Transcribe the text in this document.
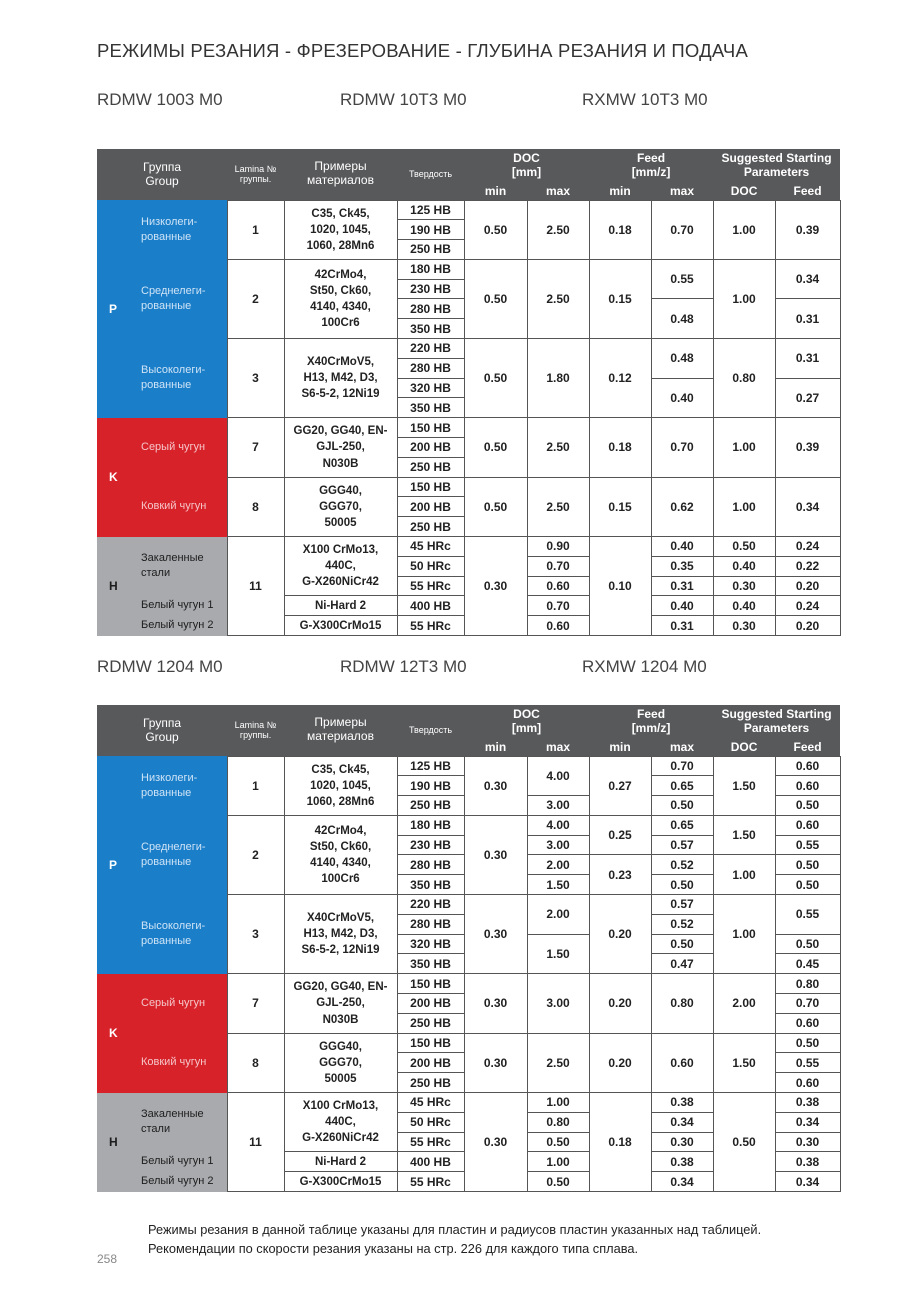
РЕЖИМЫ РЕЗАНИЯ - ФРЕЗЕРОВАНИЕ - ГЛУБИНА РЕЗАНИЯ И ПОДАЧА
RDMW 1003 M0	RDMW 10T3 M0	RXMW 10T3 M0
Группа
Group		Lamina №
группы.	Примеры
материалов	Твердость	DOC
[mm]		Feed
[mm/z]		Suggested Starting
Parameters	
					min	max	min	max	DOC	Feed
P	Низколеги-
рованные	1	C35, Ck45,
1020, 1045,
1060, 28Mn6	125 HB	0.50	2.50	0.18	0.70	1.00	0.39
				190 HB						
				250 HB						
	Среднелеги-
рованные	2	42CrMo4,
St50, Ck60,
4140, 4340,
100Cr6	180 HB	0.50	2.50	0.15	0.55	1.00	0.34
				230 HB						
				280 HB				0.48		0.31
				350 HB						
	Высоколеги-
рованные	3	X40CrMoV5,
H13, M42, D3,
S6-5-2, 12Ni19	220 HB	0.50	1.80	0.12	0.48	0.80	0.31
				280 HB						
				320 HB				0.40		0.27
				350 HB						
K	Серый чугун	7	GG20, GG40, EN-
GJL-250,
N030B	150 HB	0.50	2.50	0.18	0.70	1.00	0.39
				200 HB						
				250 HB						
	Ковкий чугун	8	GGG40,
GGG70,
50005	150 HB	0.50	2.50	0.15	0.62	1.00	0.34
				200 HB						
				250 HB						
H	Закаленные
стали	11	X100 CrMo13,
440C,
G-X260NiCr42	45 HRc	0.30	0.90	0.10	0.40	0.50	0.24
				50 HRc		0.70		0.35	0.40	0.22
				55 HRc		0.60		0.31	0.30	0.20
	Белый чугун 1		Ni-Hard 2	400 HB		0.70		0.40	0.40	0.24
	Белый чугун 2		G-X300CrMo15	55 HRc		0.60		0.31	0.30	0.20
RDMW 1204 M0	RDMW 12T3 M0	RXMW 1204 M0
Группа
Group		Lamina №
группы.	Примеры
материалов	Твердость	DOC
[mm]		Feed
[mm/z]		Suggested Starting
Parameters	
					min	max	min	max	DOC	Feed
P	Низколеги-
рованные	1	C35, Ck45,
1020, 1045,
1060, 28Mn6	125 HB	0.30	4.00	0.27	0.70	1.50	0.60
				190 HB				0.65		0.60
				250 HB		3.00		0.50		0.50
	Среднелеги-
рованные	2	42CrMo4,
St50, Ck60,
4140, 4340,
100Cr6	180 HB	0.30	4.00	0.25	0.65	1.50	0.60
				230 HB		3.00		0.57		0.55
				280 HB		2.00	0.23	0.52	1.00	0.50
				350 HB		1.50		0.50		0.50
	Высоколеги-
рованные	3	X40CrMoV5,
H13, M42, D3,
S6-5-2, 12Ni19	220 HB	0.30	2.00	0.20	0.57	1.00	0.55
				280 HB				0.52		
				320 HB		1.50		0.50		0.50
				350 HB				0.47		0.45
K	Серый чугун	7	GG20, GG40, EN-
GJL-250,
N030B	150 HB	0.30	3.00	0.20	0.80	2.00	0.80
				200 HB						0.70
				250 HB						0.60
	Ковкий чугун	8	GGG40,
GGG70,
50005	150 HB	0.30	2.50	0.20	0.60	1.50	0.50
				200 HB						0.55
				250 HB						0.60
H	Закаленные
стали	11	X100 CrMo13,
440C,
G-X260NiCr42	45 HRc	0.30	1.00	0.18	0.38	0.50	0.38
				50 HRc		0.80		0.34		0.34
				55 HRc		0.50		0.30		0.30
	Белый чугун 1		Ni-Hard 2	400 HB		1.00		0.38		0.38
	Белый чугун 2		G-X300CrMo15	55 HRc		0.50		0.34		0.34
Режимы резания в данной таблице указаны для пластин и радиусов пластин указанных над таблицей.
Рекомендации по скорости резания указаны на стр. 226 для каждого типа сплава.
258
